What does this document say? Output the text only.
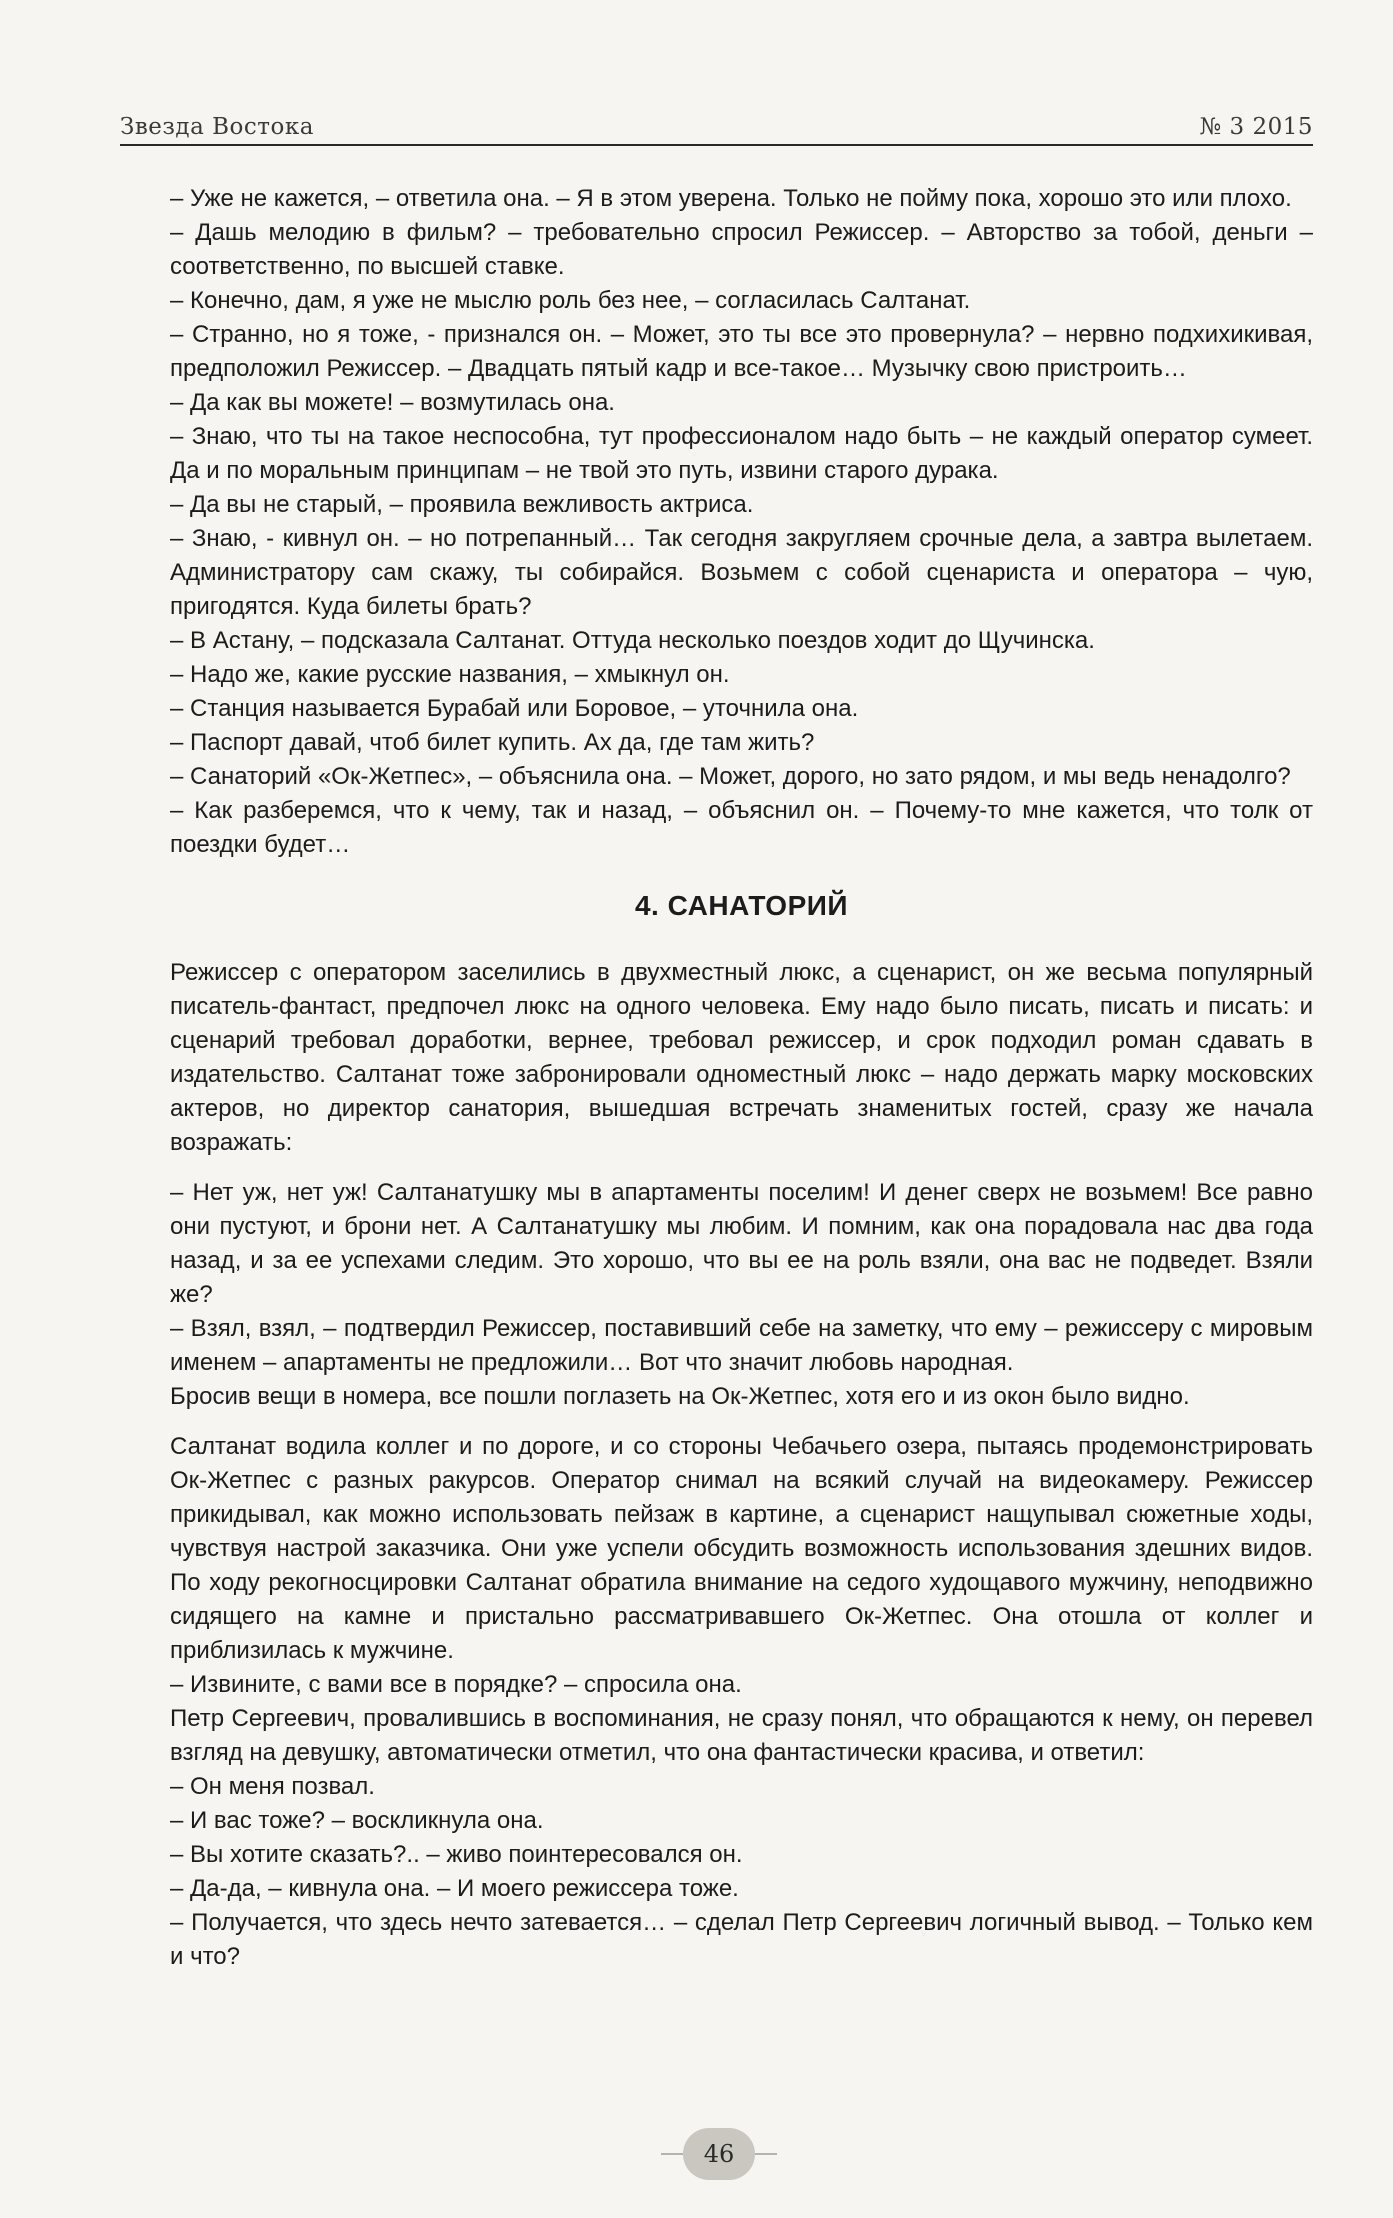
Звезда Востока	№ 3 2015

– Уже не кажется, – ответила она. – Я в этом уверена. Только не пойму пока, хорошо это или плохо.

– Дашь мелодию в фильм? – требовательно спросил Режиссер. – Авторство за тобой, деньги – соответственно, по высшей ставке.

– Конечно, дам, я уже не мыслю роль без нее, – согласилась Салтанат.

– Странно, но я тоже, - признался он. – Может, это ты все это провернула? – нервно подхихикивая, предположил Режиссер. – Двадцать пятый кадр и все-такое… Музычку свою пристроить…

– Да как вы можете! – возмутилась она.

– Знаю, что ты на такое неспособна, тут профессионалом надо быть – не каждый оператор сумеет. Да и по моральным принципам – не твой это путь, извини старого дурака.

– Да вы не старый, – проявила вежливость актриса.

– Знаю, - кивнул он. – но потрепанный… Так сегодня закругляем срочные дела, а завтра вылетаем. Администратору сам скажу, ты собирайся. Возьмем с собой сценариста и оператора – чую, пригодятся. Куда билеты брать?

– В Астану, – подсказала Салтанат. Оттуда несколько поездов ходит до Щучинска.

– Надо же, какие русские названия, – хмыкнул он.

– Станция называется Бурабай или Боровое, – уточнила она.

– Паспорт давай, чтоб билет купить. Ах да, где там жить?

– Санаторий «Ок-Жетпес», – объяснила она. – Может, дорого, но зато рядом, и мы ведь ненадолго?

– Как разберемся, что к чему, так и назад, – объяснил он. – Почему-то мне кажется, что толк от поездки будет…

4. САНАТОРИЙ

Режиссер с оператором заселились в двухместный люкс, а сценарист, он же весьма популярный писатель-фантаст, предпочел люкс на одного человека. Ему надо было писать, писать и писать: и сценарий требовал доработки, вернее, требовал режиссер, и срок подходил роман сдавать в издательство. Салтанат тоже забронировали одноместный люкс – надо держать марку московских актеров, но директор санатория, вышедшая встречать знаменитых гостей, сразу же начала возражать:

– Нет уж, нет уж! Салтанатушку мы в апартаменты поселим! И денег сверх не возьмем! Все равно они пустуют, и брони нет. А Салтанатушку мы любим. И помним, как она порадовала нас два года назад, и за ее успехами следим. Это хорошо, что вы ее на роль взяли, она вас не подведет. Взяли же?

– Взял, взял, – подтвердил Режиссер, поставивший себе на заметку, что ему – режиссеру с мировым именем – апартаменты не предложили… Вот что значит любовь народная.

Бросив вещи в номера, все пошли поглазеть на Ок-Жетпес, хотя его и из окон было видно.

Салтанат водила коллег и по дороге, и со стороны Чебачьего озера, пытаясь продемонстрировать Ок-Жетпес с разных ракурсов. Оператор снимал на всякий случай на видеокамеру. Режиссер прикидывал, как можно использовать пейзаж в картине, а сценарист нащупывал сюжетные ходы, чувствуя настрой заказчика. Они уже успели обсудить возможность использования здешних видов. По ходу рекогносцировки Салтанат обратила внимание на седого худощавого мужчину, неподвижно сидящего на камне и пристально рассматривавшего Ок-Жетпес. Она отошла от коллег и приблизилась к мужчине.

– Извините, с вами все в порядке? – спросила она.

Петр Сергеевич, провалившись в воспоминания, не сразу понял, что обращаются к нему, он перевел взгляд на девушку, автоматически отметил, что она фантастически красива, и ответил:

– Он меня позвал.

– И вас тоже? – воскликнула она.

– Вы хотите сказать?.. – живо поинтересовался он.

– Да-да, – кивнула она. – И моего режиссера тоже.

– Получается, что здесь нечто затевается… – сделал Петр Сергеевич логичный вывод. – Только кем и что?

46
